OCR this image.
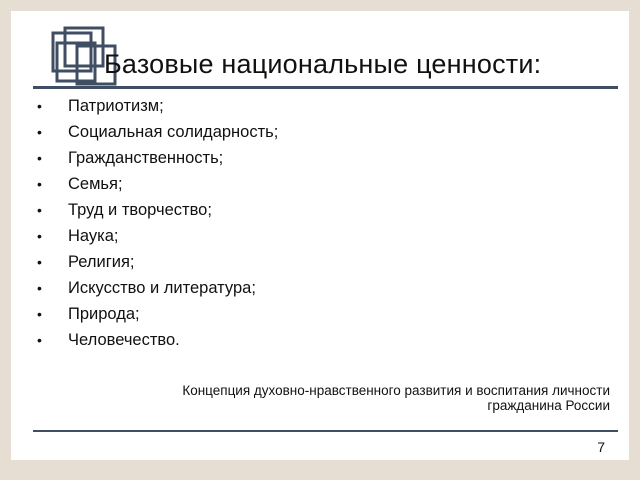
Базовые национальные ценности:
• Патриотизм;
• Социальная солидарность;
• Гражданственность;
• Семья;
• Труд и творчество;
• Наука;
• Религия;
• Искусство и литература;
• Природа;
• Человечество.
Концепция духовно-нравственного развития и воспитания личности
гражданина России
7
